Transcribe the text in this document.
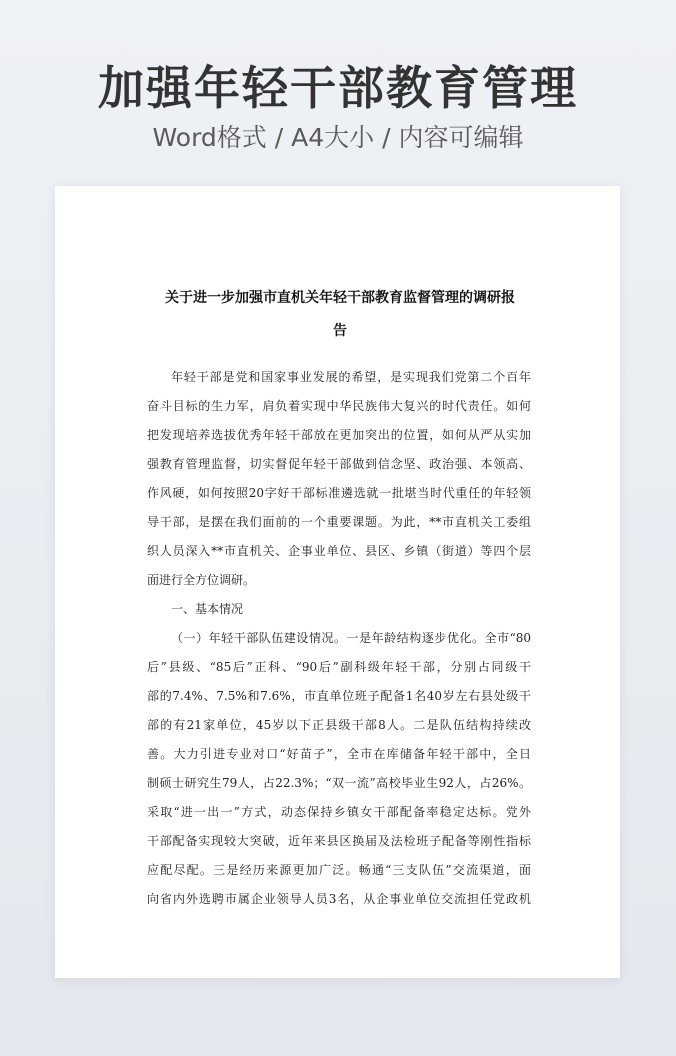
加强年轻干部教育管理
Word格式 / A4大小 / 内容可编辑
关于进一步加强市直机关年轻干部教育监督管理的调研报
告
年轻干部是党和国家事业发展的希望，是实现我们党第二个百年
奋斗目标的生力军，肩负着实现中华民族伟大复兴的时代责任。如何
把发现培养选拔优秀年轻干部放在更加突出的位置，如何从严从实加
强教育管理监督，切实督促年轻干部做到信念坚、政治强、本领高、
作风硬，如何按照20字好干部标准遴选就一批堪当时代重任的年轻领
导干部，是摆在我们面前的一个重要课题。为此，**市直机关工委组
织人员深入**市直机关、企事业单位、县区、乡镇（街道）等四个层
面进行全方位调研。
一、基本情况
（一）年轻干部队伍建设情况。一是年龄结构逐步优化。全市“80
后”县级、“85后”正科、“90后”副科级年轻干部，分别占同级干
部的7.4%、7.5%和7.6%，市直单位班子配备1名40岁左右县处级干
部的有21家单位，45岁以下正县级干部8人。二是队伍结构持续改
善。大力引进专业对口“好苗子”，全市在库储备年轻干部中，全日
制硕士研究生79人，占22.3%；“双一流”高校毕业生92人，占26%。
采取“进一出一”方式，动态保持乡镇女干部配备率稳定达标。党外
干部配备实现较大突破，近年来县区换届及法检班子配备等刚性指标
应配尽配。三是经历来源更加广泛。畅通“三支队伍”交流渠道，面
向省内外选聘市属企业领导人员3名，从企事业单位交流担任党政机
